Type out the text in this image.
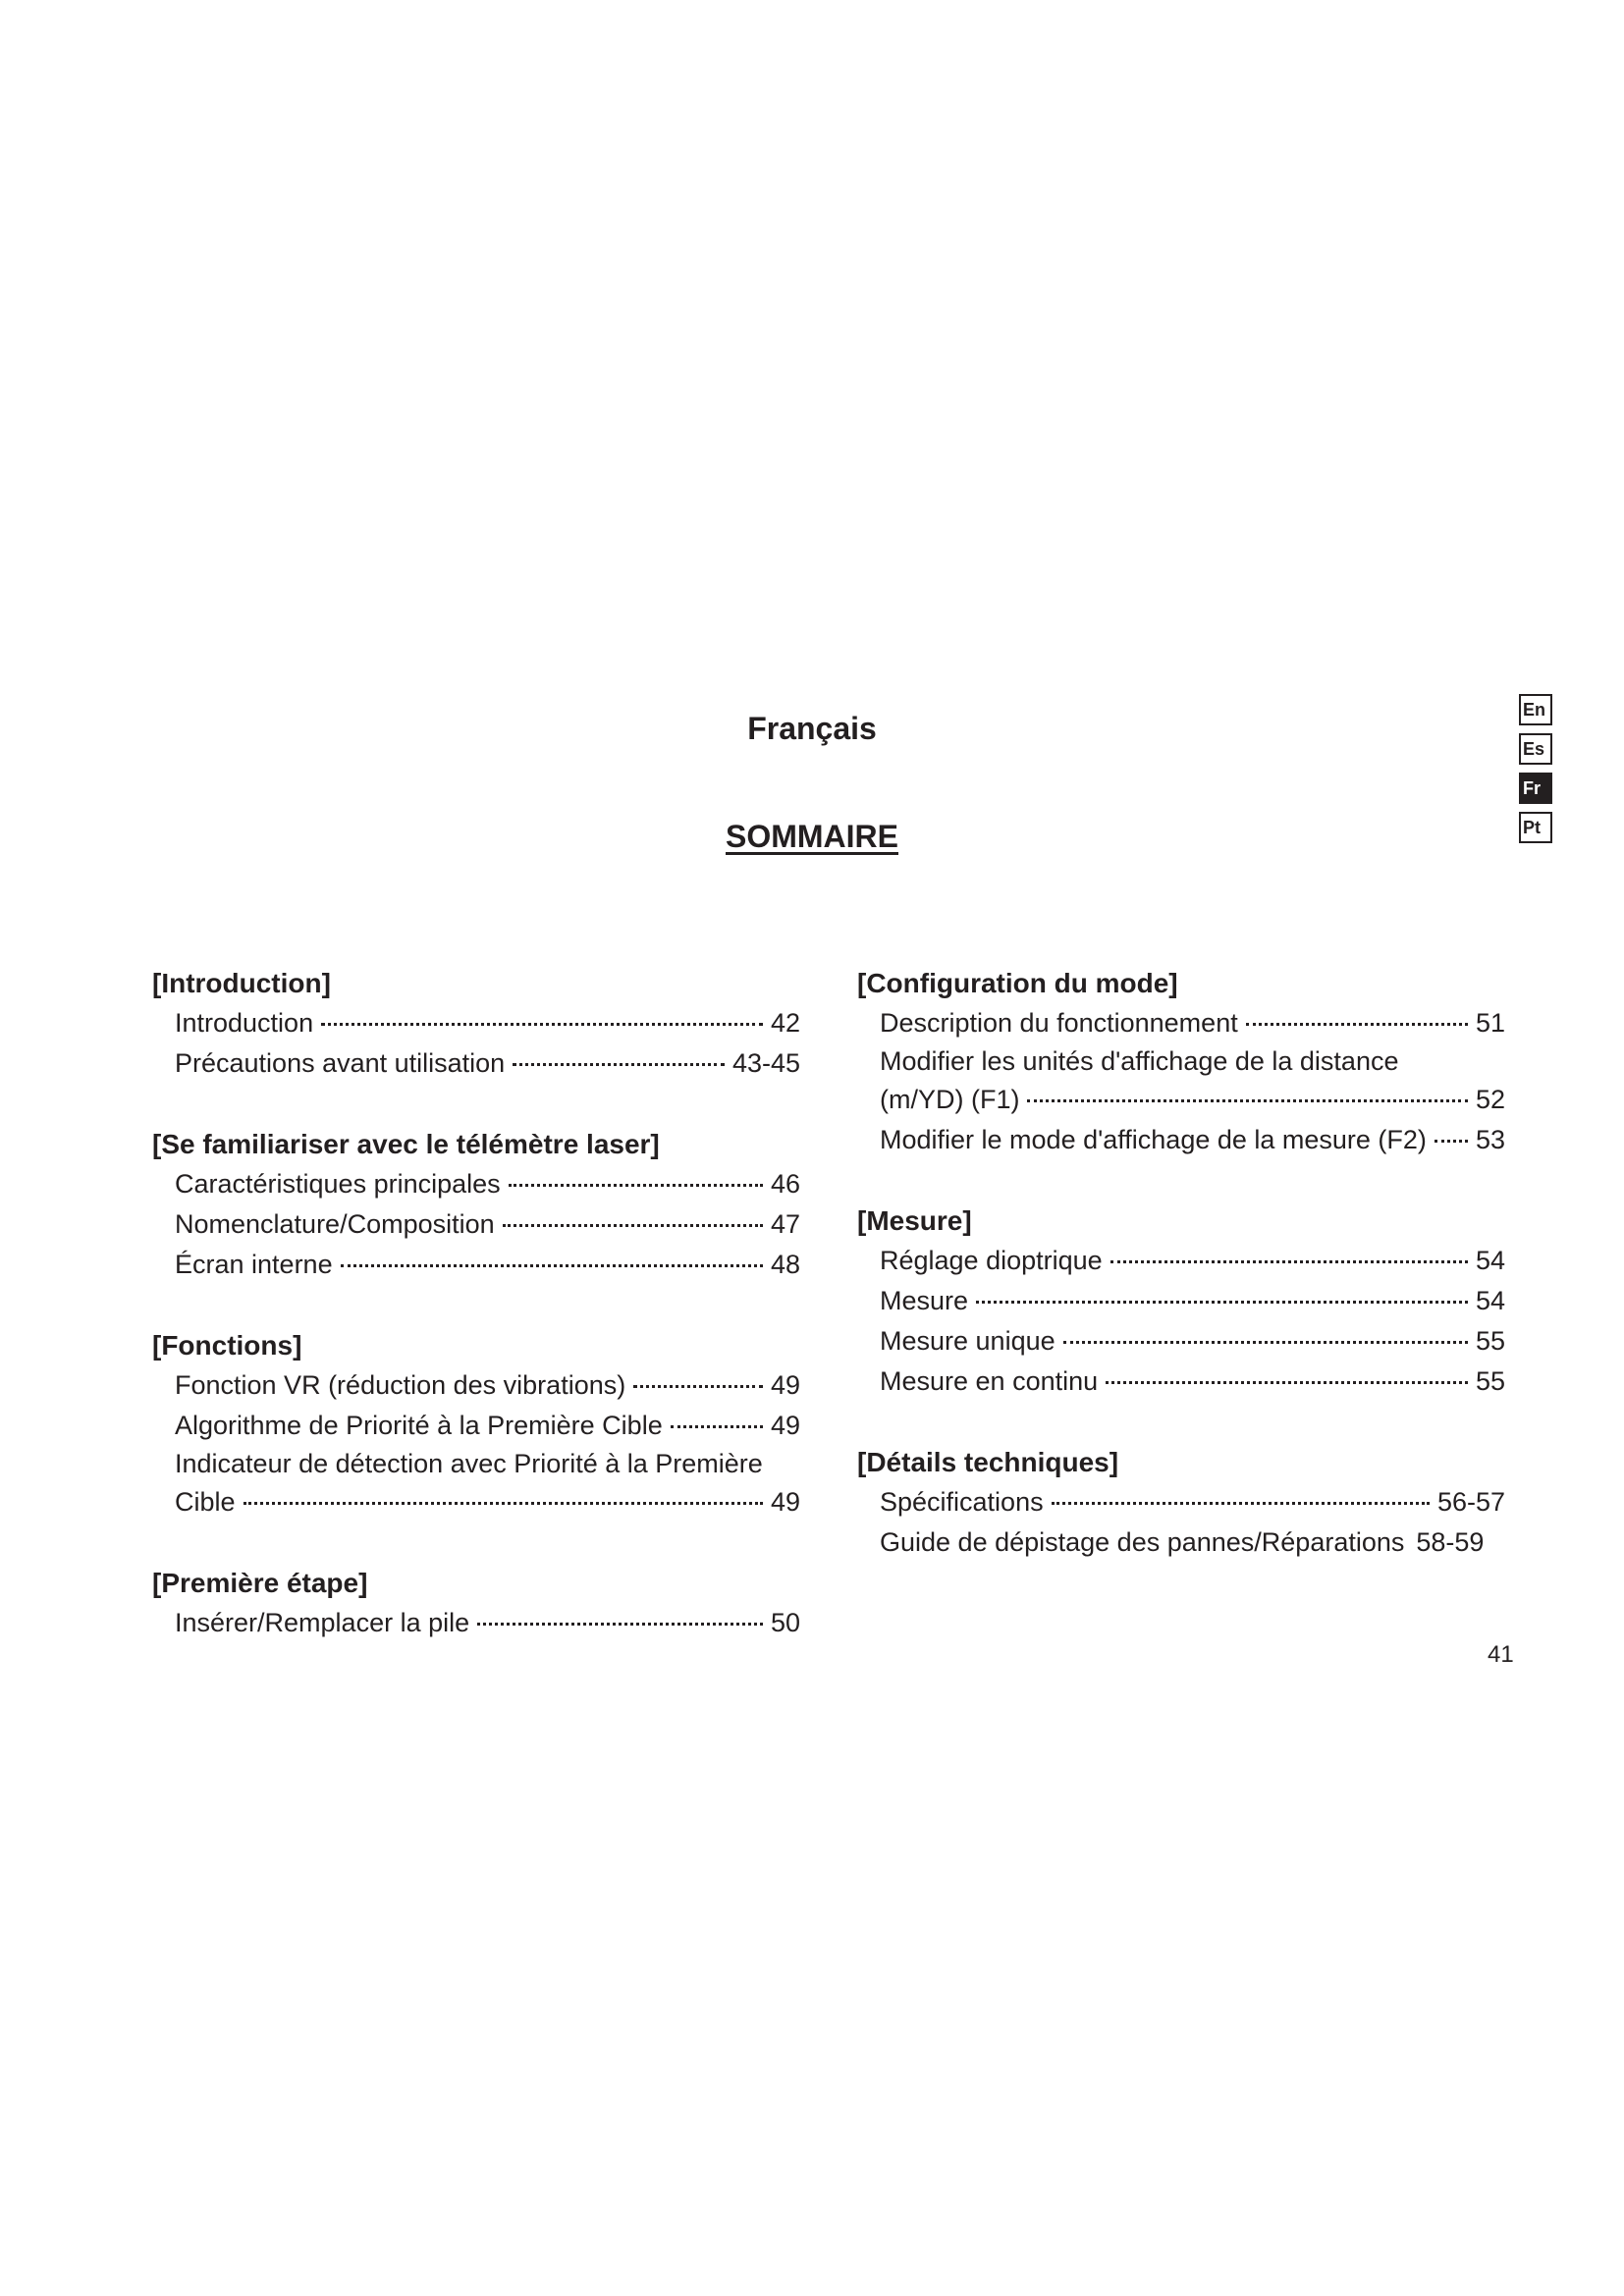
Français
SOMMAIRE
En
Es
Fr
Pt
[Introduction]
Introduction	42
Précautions avant utilisation	43-45
[Se familiariser avec le télémètre laser]
Caractéristiques principales	46
Nomenclature/Composition	47
Écran interne	48
[Fonctions]
Fonction VR (réduction des vibrations)	49
Algorithme de Priorité à la Première Cible	49
Indicateur de détection avec Priorité à la Première
Cible	49
[Première étape]
Insérer/Remplacer la pile	50
[Configuration du mode]
Description du fonctionnement	51
Modifier les unités d'affichage de la distance
(m/YD) (F1)	52
Modifier le mode d'affichage de la mesure (F2) 53
[Mesure]
Réglage dioptrique	54
Mesure	54
Mesure unique	55
Mesure en continu	55
[Détails techniques]
Spécifications	56-57
Guide de dépistage des pannes/Réparations 58-59
41
